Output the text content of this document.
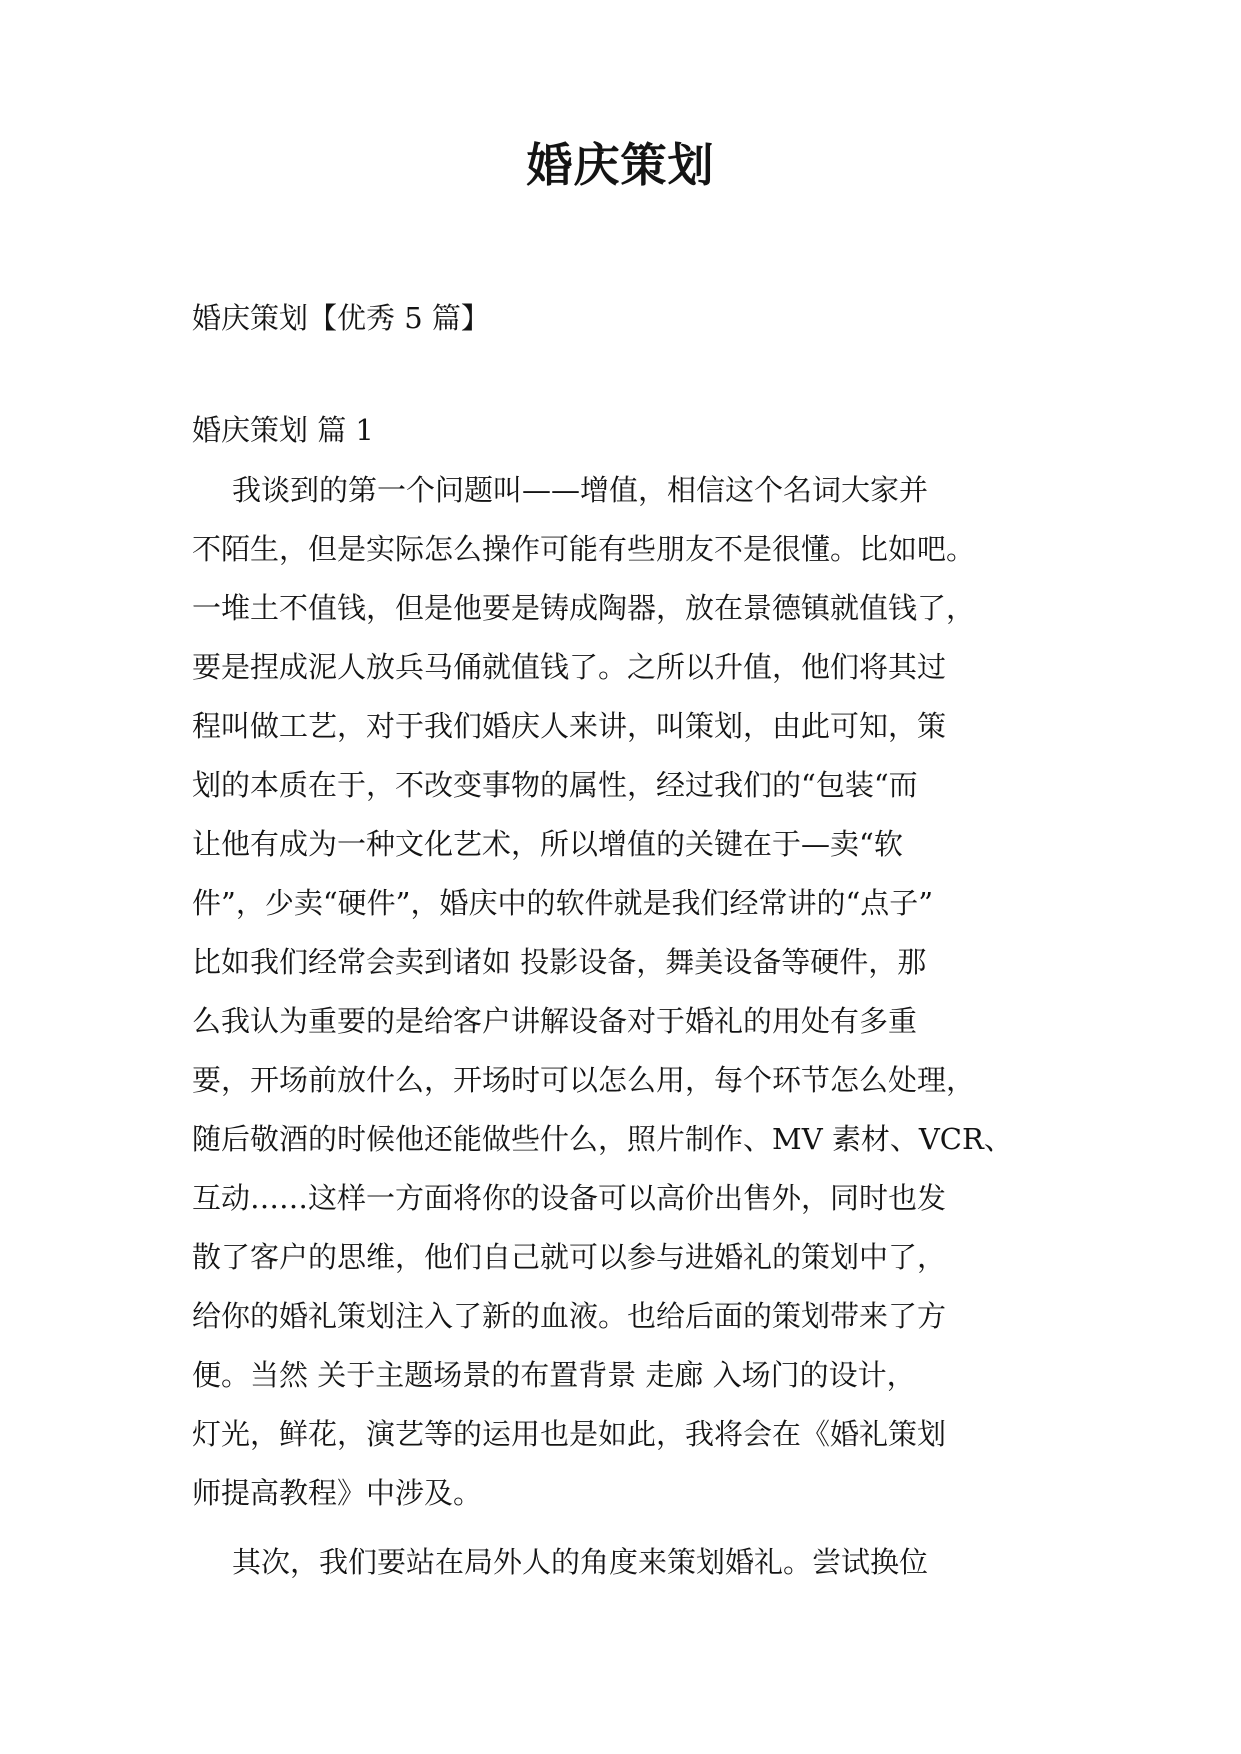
婚庆策划
婚庆策划【优秀 5 篇】
婚庆策划 篇 1
我谈到的第一个问题叫——增值，相信这个名词大家并
不陌生，但是实际怎么操作可能有些朋友不是很懂。比如吧。
一堆土不值钱，但是他要是铸成陶器，放在景德镇就值钱了，
要是捏成泥人放兵马俑就值钱了。之所以升值，他们将其过
程叫做工艺，对于我们婚庆人来讲，叫策划，由此可知，策
划的本质在于，不改变事物的属性，经过我们的“包装“而
让他有成为一种文化艺术，所以增值的关键在于—卖“软
件”，少卖“硬件”，婚庆中的软件就是我们经常讲的“点子”
比如我们经常会卖到诸如 投影设备，舞美设备等硬件，那
么我认为重要的是给客户讲解设备对于婚礼的用处有多重
要，开场前放什么，开场时可以怎么用，每个环节怎么处理，
随后敬酒的时候他还能做些什么，照片制作、MV 素材、VCR、
互动……这样一方面将你的设备可以高价出售外，同时也发
散了客户的思维，他们自己就可以参与进婚礼的策划中了，
给你的婚礼策划注入了新的血液。也给后面的策划带来了方
便。当然 关于主题场景的布置背景 走廊 入场门的设计，
灯光，鲜花，演艺等的运用也是如此，我将会在《婚礼策划
师提高教程》中涉及。
其次，我们要站在局外人的角度来策划婚礼。尝试换位
